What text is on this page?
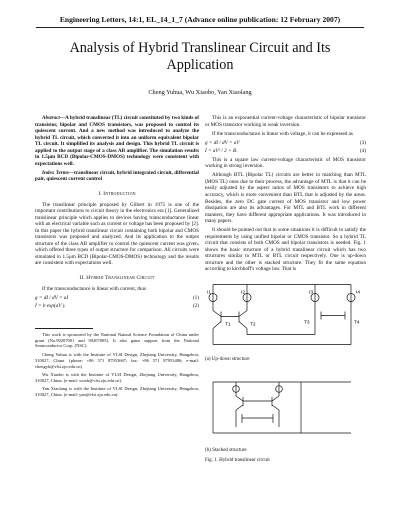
Engineering Letters, 14:1, EL_14_1_7 (Advance online publication: 12 February 2007)
Analysis of Hybrid Translinear Circuit and Its Application
Cheng Yuhua, Wu Xiaobo, Yan Xiaolang

Abstract—A hybrid translinear (TL) circuit constituted by two kinds of transistor, bipolar and CMOS transistors, was proposed to control its quiescent current. And a new method was introduced to analyze the hybrid TL circuit, which converted it into an uniform equivalent bipolar TL circuit. It simplified its analysis and design. This hybrid TL circuit is applied to the output stage of a class AB amplifier. The simulation results in 1.5μm BCD (Bipolar-CMOS-DMOS) technology were consistent with expectations well.

Index Terms—translinear circuit, hybrid integrated circuit, differential pair, quiescent current control

I. Introduction

The translinear principle proposed by Gilbert in 1975 is one of the important contributions to circuit theory in the electronics era [1]. Generalized translinear principle which applies to devices having transconductance linear with an electrical variable such as current or voltage has been proposed by [2]. In this paper the hybrid translinear circuit containing both bipolar and CMOS transistors was proposed and analyzed. And its application to the output structure of the class AB amplifier to control the quiescent current was given, which offered three types of output structure for comparison. All circuits were simulated in 1.5μm BCD (Bipolar-CMOS-DMOS) technology and the results are consistent with expectations well.

II. Hybrid Translinear Circuit

If the transconductance is linear with current, thus

g = dI / dV = aI	(1)
I = b exp(aV ).	(2)

This work is sponsored by the National Natural Science Foundation of China under grant (No.90207001 and 90207005). It also gains support from the National Semiconductor Corp. (NSC).

Cheng Yuhua is with the Institute of VLSI Design, Zhejiang University, Hangzhou, 310027, China. (phone: +86 571 87953667; fax: +86 571 87953486; e-mail: chengyh@vlsi.zju.edu.cn)

Wu Xiaobo is with the Institute of VLSI Design, Zhejiang University, Hangzhou, 310027, China. (e-mail: wuxb@vlsi.zju.edu.cn).

Yan Xiaolang is with the Institute of VLSI Design, Zhejiang University, Hangzhou, 310027, China. (e-mail: yan@vlsi.zju.edu.cn).

This is an exponential current-voltage characteristic of bipolar transistor or MOS transistor working in weak inversion.

If the transconductance is linear with voltage, it can be expressed as

g = dI / dV = aV	(3)
I = aV² / 2 + B.	(4)

This is a square law current-voltage characteristic of MOS transistor working in strong inversion.

Although BTL (Bipolar TL) circuits are better in matching than MTL (MOS TL) ones due to their process, the advantage of MTL is that it can be easily adjusted by the aspect ratios of MOS transistors to achieve high accuracy, which is more convenient than BTL that is adjusted by the areas. Besides, the zero DC gate current of MOS transistor and low power dissipation are also its advantages. For MTL and BTL work in different manners, they have different appropriate applications. It was introduced in many papers.

It should be pointed out that in some situations it is difficult to satisfy the requirements by using unified bipolar or CMOS transistor. So a hybrid TL circuit that consists of both CMOS and bipolar transistors is needed. Fig. 1 shows the basic structure of a hybrid translinear circuit which has two structures similar to MTL or BTL circuit respectively. One is up-down structure and the other is stacked structure. They fit the same equation according to kirchhoff's voltage law. That is

I1	I2	I3	I4
T1	T2	T3	T4
(a) Up-down structure
(b) Stacked structure
Fig. 1. Hybrid translinear circuit
